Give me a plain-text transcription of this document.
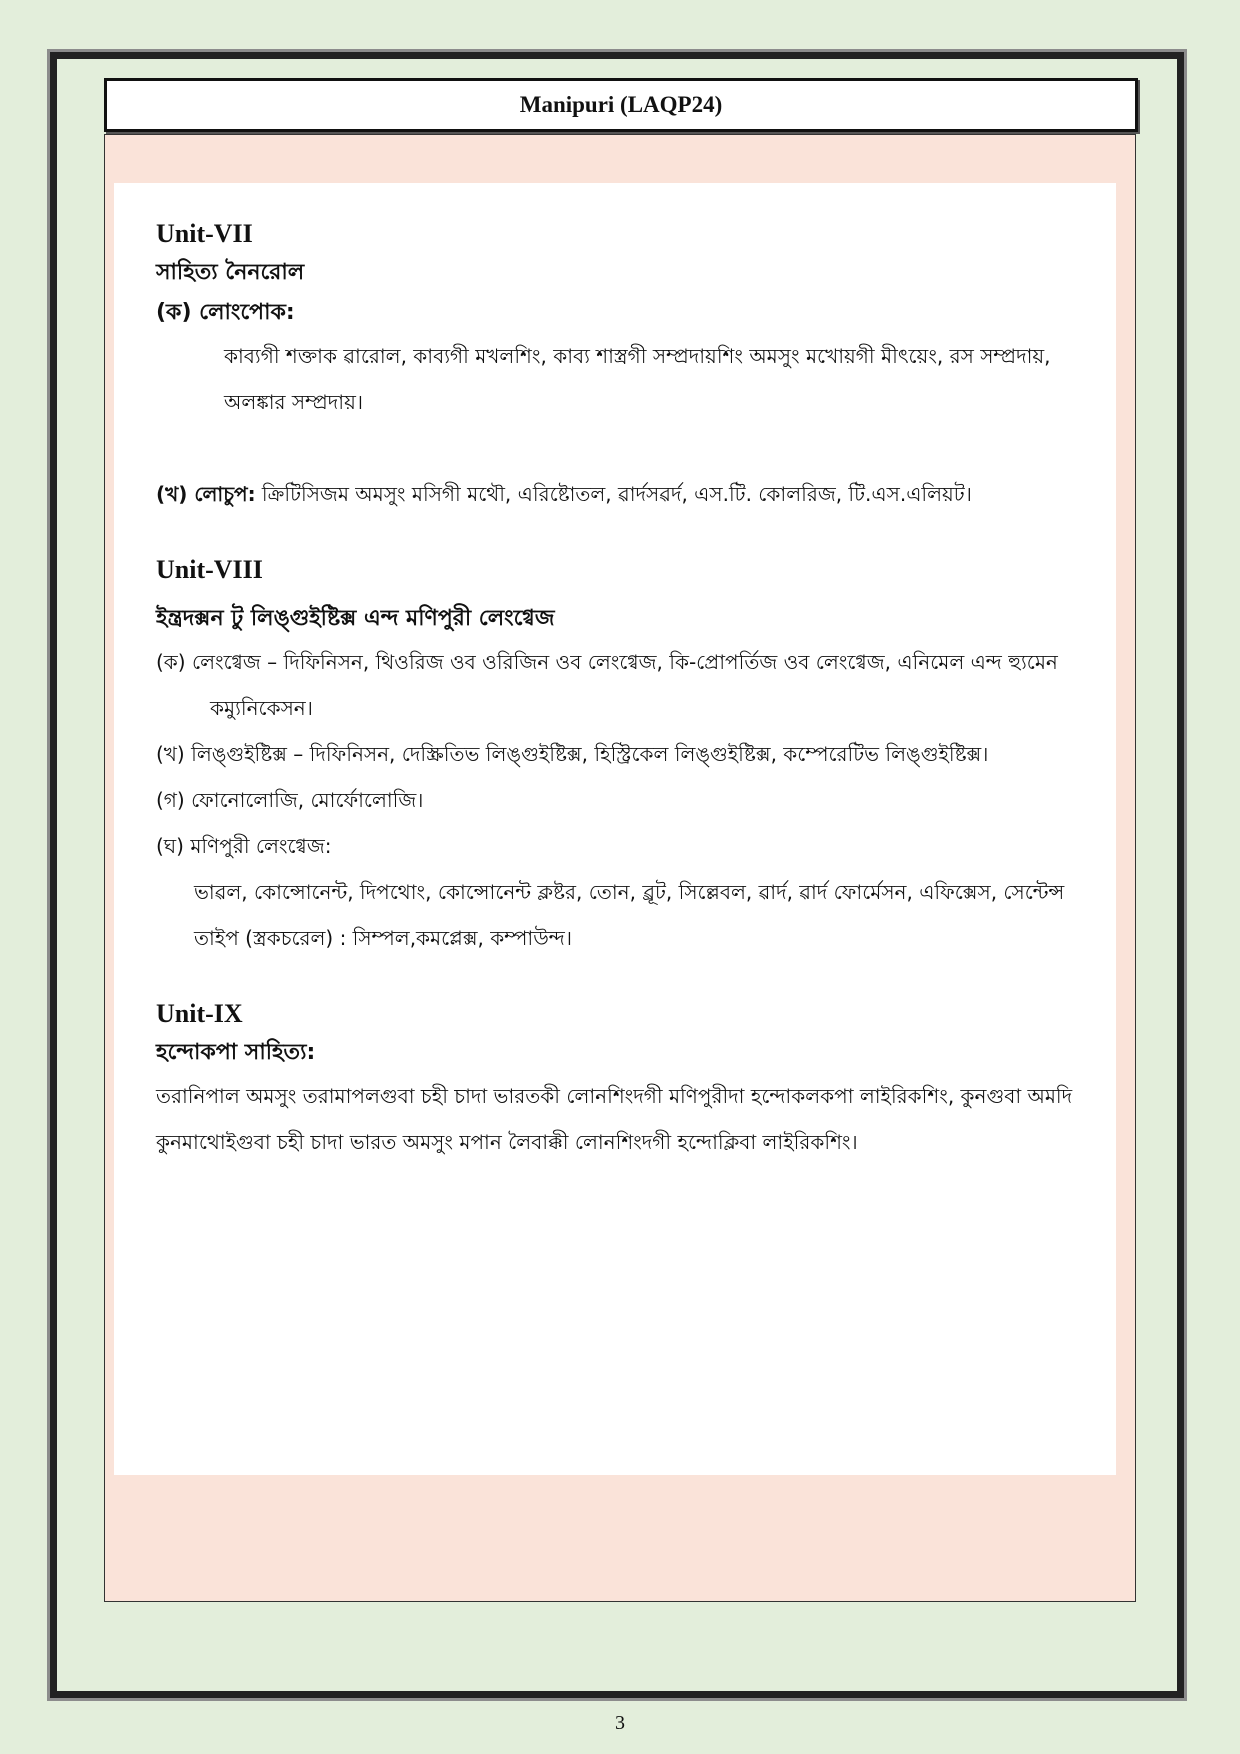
Manipuri (LAQP24)
Unit-VII
সাহিত্য নৈনরোল
(ক) লোংপোক:
কাব্যগী শক্তাক ৱারোল, কাব্যগী মখলশিং, কাব্য শাস্ত্রগী সম্প্রদায়শিং অমসুং মখোয়গী মীৎয়েং, রস সম্প্রদায়, অলঙ্কার সম্প্রদায়।
(খ) লোচুপ: ক্রিটিসিজম অমসুং মসিগী মথৌ, এরিষ্টোতল, ৱার্দসৱর্দ, এস.টি. কোলরিজ, টি.এস.এলিয়ট।
Unit-VIII
ইন্ত্রদক্সন টু লিঙ্গুইষ্টিক্স এন্দ মণিপুরী লেংগ্বেজ
(ক) লেংগ্বেজ – দিফিনিসন, থিওরিজ ওব ওরিজিন ওব লেংগ্বেজ, কি-প্রোপর্তিজ ওব লেংগ্বেজ, এনিমেল এন্দ হ্যুমেন কম্যুনিকেসন।
(খ) লিঙ্গুইষ্টিক্স – দিফিনিসন, দেস্ক্রিতিভ লিঙ্গুইষ্টিক্স, হিস্ট্রিকেল লিঙ্গুইষ্টিক্স, কম্পেরেটিভ লিঙ্গুইষ্টিক্স।
(গ) ফোনোলোজি, মোর্ফোলোজি।
(ঘ) মণিপুরী লেংগ্বেজ:
ভাৱল, কোন্সোনেন্ট, দিপথোং, কোন্সোনেন্ট ক্লষ্টর, তোন, ৱ্রূট, সিল্লেবল, ৱার্দ, ৱার্দ ফোর্মেসন, এফিক্সেস, সেন্টেন্স তাইপ (স্ত্রকচরেল) : সিম্পল,কমপ্লেক্স, কম্পাউন্দ।
Unit-IX
হন্দোকপা সাহিত্য:
তরানিপাল অমসুং তরামাপলগুবা চহী চাদা ভারতকী লোনশিংদগী মণিপুরীদা হন্দোকলকপা লাইরিকশিং, কুনগুবা অমদি কুনমাথোইগুবা চহী চাদা ভারত অমসুং মপান লৈবাক্কী লোনশিংদগী হন্দোক্লিবা লাইরিকশিং।
3
